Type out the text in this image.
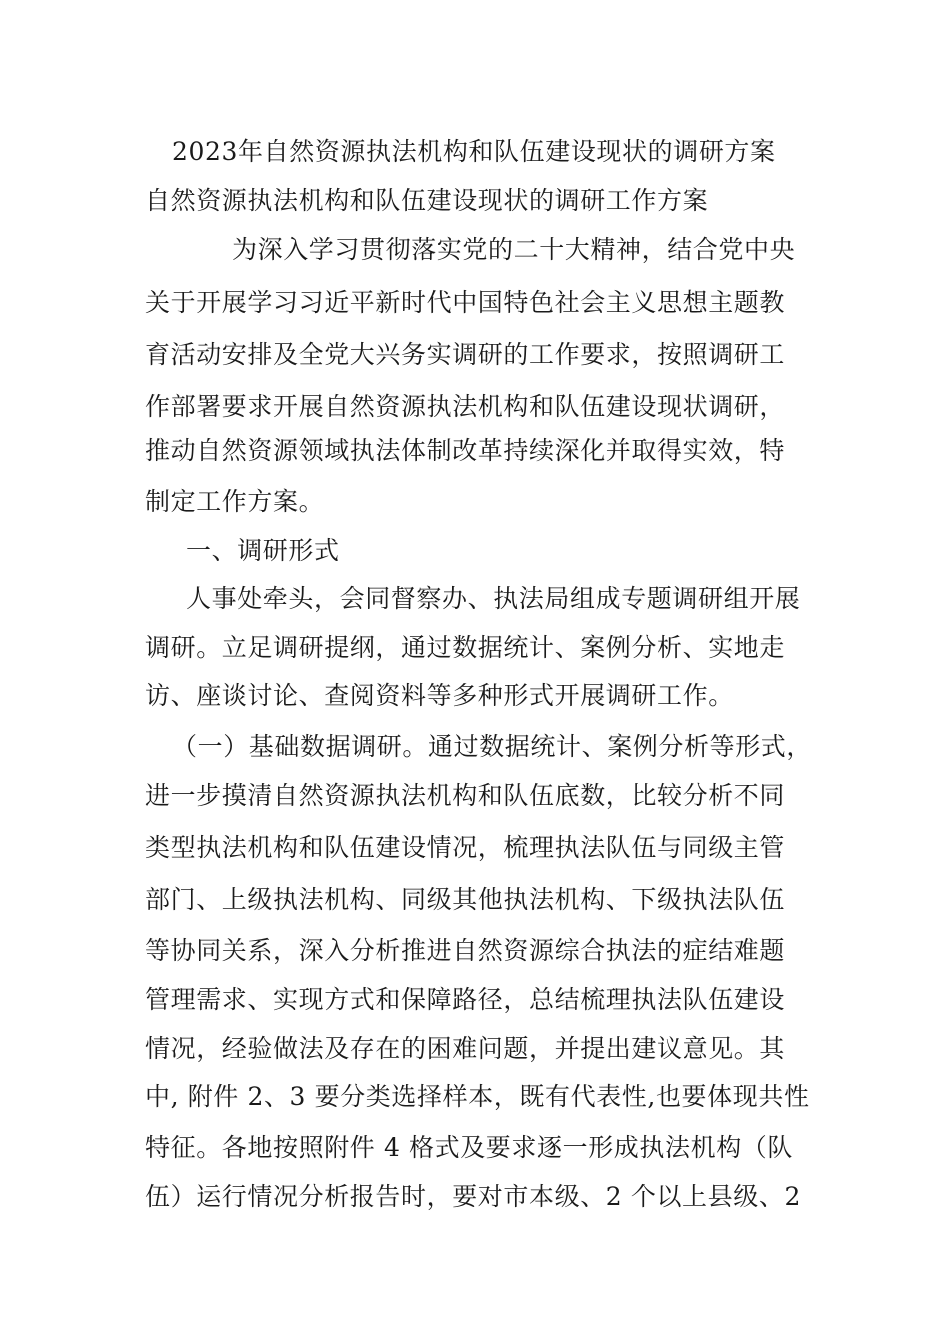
2023年自然资源执法机构和队伍建设现状的调研方案
自然资源执法机构和队伍建设现状的调研工作方案
为深入学习贯彻落实党的二十大精神，结合党中央
关于开展学习习近平新时代中国特色社会主义思想主题教
育活动安排及全党大兴务实调研的工作要求，按照调研工
作部署要求开展自然资源执法机构和队伍建设现状调研，
推动自然资源领域执法体制改革持续深化并取得实效，特
制定工作方案。
一、调研形式
人事处牵头，会同督察办、执法局组成专题调研组开展
调研。立足调研提纲，通过数据统计、案例分析、实地走
访、座谈讨论、查阅资料等多种形式开展调研工作。
（一）基础数据调研。通过数据统计、案例分析等形式，
进一步摸清自然资源执法机构和队伍底数，比较分析不同
类型执法机构和队伍建设情况，梳理执法队伍与同级主管
部门、上级执法机构、同级其他执法机构、下级执法队伍
等协同关系，深入分析推进自然资源综合执法的症结难题
管理需求、实现方式和保障路径，总结梳理执法队伍建设
情况，经验做法及存在的困难问题，并提出建议意见。其
中, 附件 2、3 要分类选择样本，既有代表性,也要体现共性
特征。各地按照附件 4 格式及要求逐一形成执法机构（队
伍）运行情况分析报告时，要对市本级、2 个以上县级、2
